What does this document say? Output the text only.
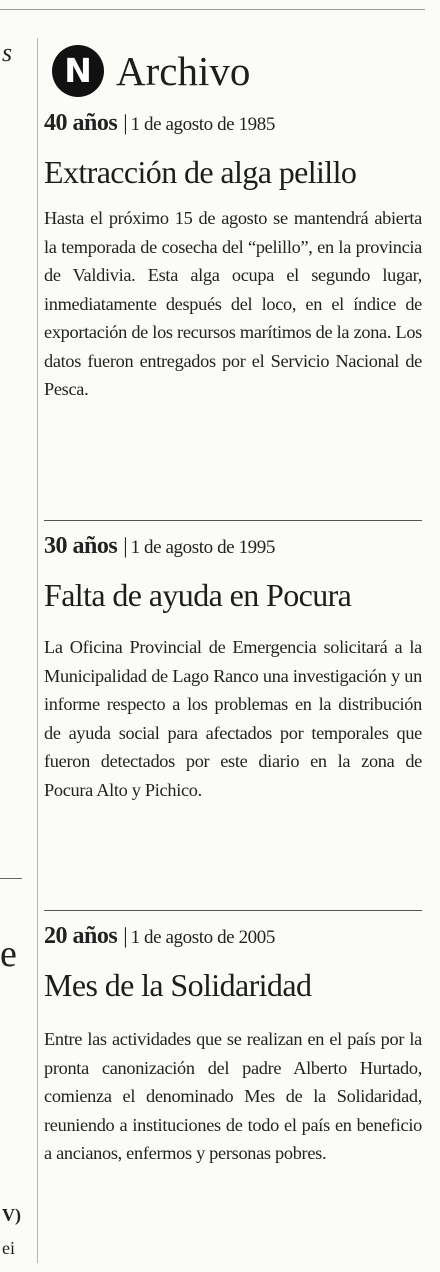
s
e
V)
ei
N Archivo
40 años | 1 de agosto de 1985
Extracción de alga pelillo
Hasta el próximo 15 de agosto se mantendrá abierta la temporada de cosecha del “pelillo”, en la provincia de Valdivia. Esta alga ocupa el segundo lugar, inmediatamente después del loco, en el índice de exportación de los recursos marítimos de la zona. Los datos fueron entregados por el Servicio Nacional de Pesca.
30 años | 1 de agosto de 1995
Falta de ayuda en Pocura
La Oficina Provincial de Emergencia solicitará a la Municipalidad de Lago Ranco una investigación y un informe respecto a los problemas en la distribución de ayuda social para afectados por temporales que fueron detectados por este diario en la zona de Pocura Alto y Pichico.
20 años | 1 de agosto de 2005
Mes de la Solidaridad
Entre las actividades que se realizan en el país por la pronta canonización del padre Alberto Hurtado, comienza el denominado Mes de la Solidaridad, reuniendo a instituciones de todo el país en beneficio a ancianos, enfermos y personas pobres.
